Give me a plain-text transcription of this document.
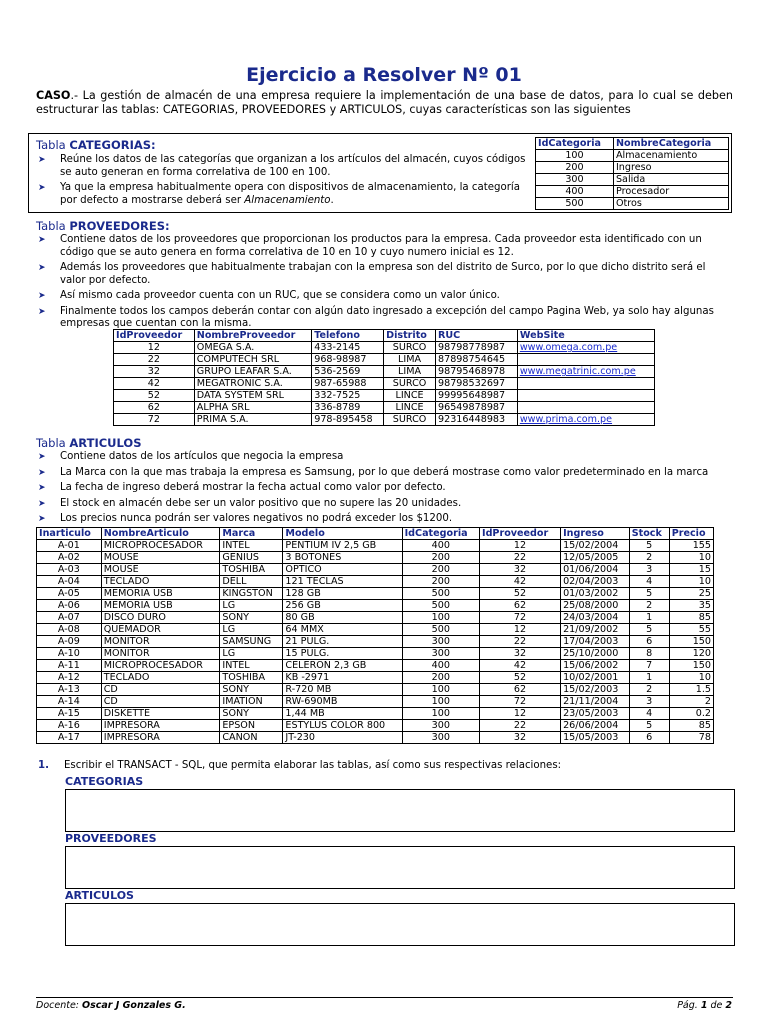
Ejercicio a Resolver Nº 01
CASO.- La gestión de almacén de una empresa requiere la implementación de una base de datos, para lo cual se deben estructurar las tablas: CATEGORIAS, PROVEEDORES y ARTICULOS, cuyas características son las siguientes
Tabla CATEGORIAS:
➤ Reúne los datos de las categorías que organizan a los artículos del almacén, cuyos códigos se auto generan en forma correlativa de 100 en 100.
➤ Ya que la empresa habitualmente opera con dispositivos de almacenamiento, la categoría por defecto a mostrarse deberá ser Almacenamiento.
IdCategoria	NombreCategoria
100	Almacenamiento
200	Ingreso
300	Salida
400	Procesador
500	Otros
Tabla PROVEEDORES:
➤ Contiene datos de los proveedores que proporcionan los productos para la empresa. Cada proveedor esta identificado con un código que se auto genera en forma correlativa de 10 en 10 y cuyo numero inicial es 12.
➤ Además los proveedores que habitualmente trabajan con la empresa son del distrito de Surco, por lo que dicho distrito será el valor por defecto.
➤ Así mismo cada proveedor cuenta con un RUC, que se considera como un valor único.
➤ Finalmente todos los campos deberán contar con algún dato ingresado a excepción del campo Pagina Web, ya solo hay algunas empresas que cuentan con la misma.
IdProveedor	NombreProveedor	Telefono	Distrito	RUC	WebSite
12	OMEGA S.A.	433-2145	SURCO	98798778987	www.omega.com.pe
22	COMPUTECH SRL	968-98987	LIMA	87898754645	
32	GRUPO LEAFAR S.A.	536-2569	LIMA	98795468978	www.megatrinic.com.pe
42	MEGATRONIC S.A.	987-65988	SURCO	98798532697	
52	DATA SYSTEM SRL	332-7525	LINCE	99995648987	
62	ALPHA SRL	336-8789	LINCE	96549878987	
72	PRIMA S.A.	978-895458	SURCO	92316448983	www.prima.com.pe
Tabla ARTICULOS
➤ Contiene datos de los artículos que negocia la empresa
➤ La Marca con la que mas trabaja la empresa es Samsung, por lo que deberá mostrase como valor predeterminado en la marca
➤ La fecha de ingreso deberá mostrar la fecha actual como valor por defecto.
➤ El stock en almacén debe ser un valor positivo que no supere las 20 unidades.
➤ Los precios nunca podrán ser valores negativos no podrá exceder los $1200.
Inarticulo	NombreArticulo	Marca	Modelo	IdCategoria	IdProveedor	Ingreso	Stock	Precio
A-01	MICROPROCESADOR	INTEL	PENTIUM IV 2,5 GB	400	12	15/02/2004	5	155
A-02	MOUSE	GENIUS	3 BOTONES	200	22	12/05/2005	2	10
A-03	MOUSE	TOSHIBA	OPTICO	200	32	01/06/2004	3	15
A-04	TECLADO	DELL	121 TECLAS	200	42	02/04/2003	4	10
A-05	MEMORIA USB	KINGSTON	128 GB	500	52	01/03/2002	5	25
A-06	MEMORIA USB	LG	256 GB	500	62	25/08/2000	2	35
A-07	DISCO DURO	SONY	80 GB	100	72	24/03/2004	1	85
A-08	QUEMADOR	LG	64 MMX	500	12	21/09/2002	5	55
A-09	MONITOR	SAMSUNG	21 PULG.	300	22	17/04/2003	6	150
A-10	MONITOR	LG	15 PULG.	300	32	25/10/2000	8	120
A-11	MICROPROCESADOR	INTEL	CELERON 2,3 GB	400	42	15/06/2002	7	150
A-12	TECLADO	TOSHIBA	KB -2971	200	52	10/02/2001	1	10
A-13	CD	SONY	R-720 MB	100	62	15/02/2003	2	1.5
A-14	CD	IMATION	RW-690MB	100	72	21/11/2004	3	2
A-15	DISKETTE	SONY	1,44 MB	100	12	23/05/2003	4	0.2
A-16	IMPRESORA	EPSON	ESTYLUS COLOR 800	300	22	26/06/2004	5	85
A-17	IMPRESORA	CANON	JT-230	300	32	15/05/2003	6	78
1. Escribir el TRANSACT - SQL, que permita elaborar las tablas, así como sus respectivas relaciones:
CATEGORIAS
PROVEEDORES
ARTICULOS
Docente: Oscar J Gonzales G.	Pág. 1 de 2
